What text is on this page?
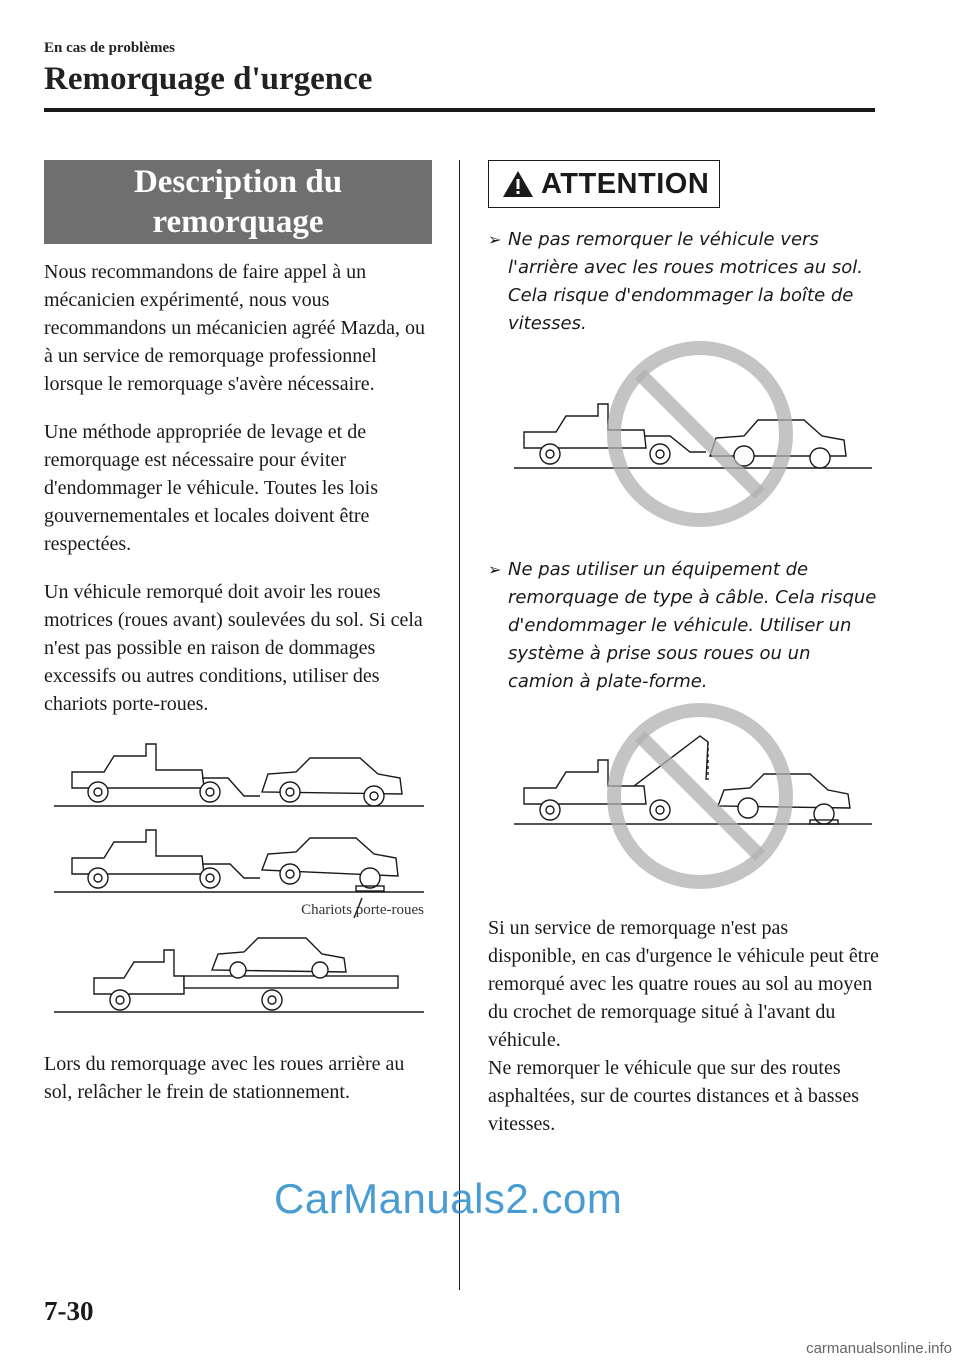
En cas de problèmes
Remorquage d'urgence
Description du
remorquage

Nous recommandons de faire appel à un mécanicien expérimenté, nous vous recommandons un mécanicien agréé Mazda, ou à un service de remorquage professionnel lorsque le remorquage s'avère nécessaire.

Une méthode appropriée de levage et de remorquage est nécessaire pour éviter d'endommager le véhicule. Toutes les lois gouvernementales et locales doivent être respectées.

Un véhicule remorqué doit avoir les roues motrices (roues avant) soulevées du sol. Si cela n'est pas possible en raison de dommages excessifs ou autres conditions, utiliser des chariots porte-roues.

Chariots porte-roues

Lors du remorquage avec les roues arrière au sol, relâcher le frein de stationnement.

ATTENTION
➢ Ne pas remorquer le véhicule vers l'arrière avec les roues motrices au sol. Cela risque d'endommager la boîte de vitesses.
➢ Ne pas utiliser un équipement de remorquage de type à câble. Cela risque d'endommager le véhicule. Utiliser un système à prise sous roues ou un camion à plate-forme.

Si un service de remorquage n'est pas disponible, en cas d'urgence le véhicule peut être remorqué avec les quatre roues au sol au moyen du crochet de remorquage situé à l'avant du véhicule.

Ne remorquer le véhicule que sur des routes asphaltées, sur de courtes distances et à basses vitesses.

CarManuals2.com
7-30
carmanualsonline.info
